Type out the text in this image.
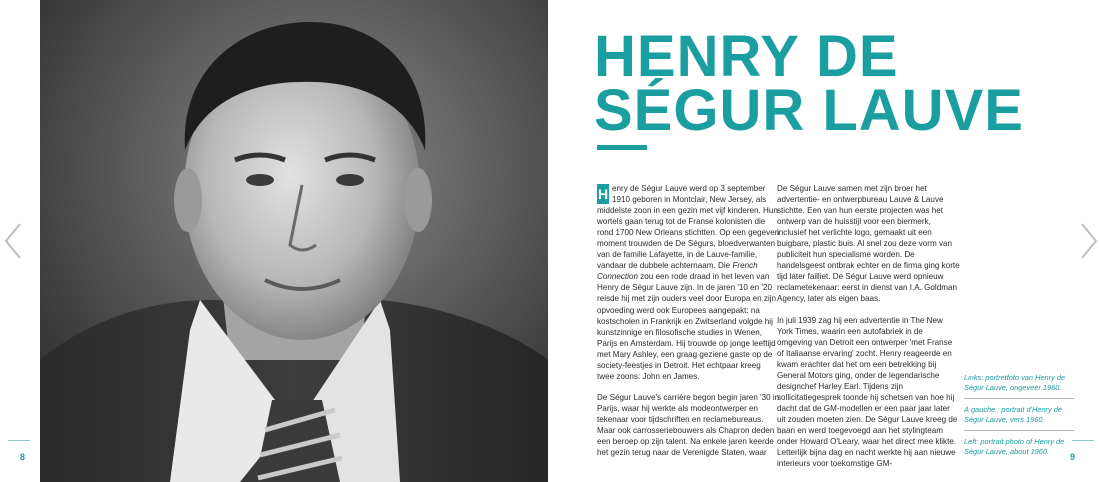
8	9
HENRY DE
SÉGUR LAUVE

H enry de Ségur Lauve werd op 3 september 1910 geboren in Montclair, New Jersey, als middelste zoon in een gezin met vijf kinderen. Hun wortels gaan terug tot de Franse kolonisten die rond 1700 New Orleans stichtten. Op een gegeven moment trouwden de De Ségurs, bloedverwanten van de familie Lafayette, in de Lauve-familie, vandaar de dubbele achternaam. Die French Connection zou een rode draad in het leven van Henry de Ségur Lauve zijn. In de jaren '10 en '20 reisde hij met zijn ouders veel door Europa en zijn opvoeding werd ook Europees aangepakt: na kostscholen in Frankrijk en Zwitserland volgde hij kunstzinnige en filosofische studies in Wenen, Parijs en Amsterdam. Hij trouwde op jonge leeftijd met Mary Ashley, een graag geziene gaste op de society-feestjes in Detroit. Het echtpaar kreeg twee zoons: John en James.

De Ségur Lauve's carrière begon begin jaren '30 in Parijs, waar hij werkte als modeontwerper en tekenaar voor tijdschriften en reclamebureaus. Maar ook carrosseriebouwers als Chapron deden een beroep op zijn talent. Na enkele jaren keerde het gezin terug naar de Verenigde Staten, waar

De Ségur Lauve samen met zijn broer het advertentie- en ontwerpbureau Lauve & Lauve stichtte. Een van hun eerste projecten was het ontwerp van de huisstijl voor een biermerk, inclusief het verlichte logo, gemaakt uit een buigbare, plastic buis. Al snel zou deze vorm van publiciteit hun specialisme worden. De handelsgeest ontbrak echter en de firma ging korte tijd later failliet. De Ségur Lauve werd opnieuw reclametekenaar: eerst in dienst van I.A. Goldman Agency, later als eigen baas.

In juli 1939 zag hij een advertentie in The New York Times, waarin een autofabriek in de omgeving van Detroit een ontwerper 'met Franse of Italiaanse ervaring' zocht. Henry reageerde en kwam erachter dat het om een betrekking bij General Motors ging, onder de legendarische designchef Harley Earl. Tijdens zijn sollicitatiegesprek toonde hij schetsen van hoe hij dacht dat de GM-modellen er een paar jaar later uit zouden moeten zien. De Ségur Lauve kreeg de baan en werd toegevoegd aan het stylingteam onder Howard O'Leary, waar het direct mee klikte. Letterlijk bijna dag en nacht werkte hij aan nieuwe interieurs voor toekomstige GM-

Links: portretfoto van Henry de Ségur Lauve, ongeveer 1960.
À gauche : portrait d'Henry de Ségur Lauve, vers 1960.
Left: portrait photo of Henry de Ségur Lauve, about 1960.
